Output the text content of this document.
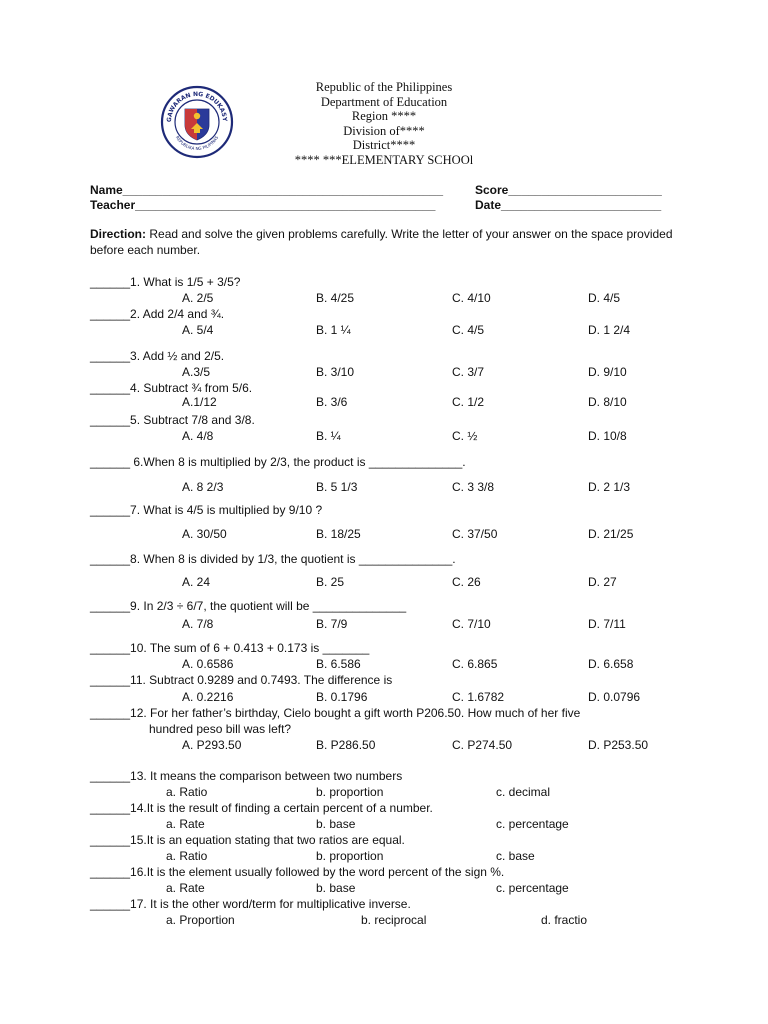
GAWARAN NG EDUKASY
REPUBLIKA NG PILIPINAS
Republic of the Philippines
Department of Education
Region ****
Division of****
District****
**** ***ELEMENTARY SCHOOl
Name________________________________________________	Score_______________________
Teacher_____________________________________________	Date________________________
Direction: Read and solve the given problems carefully. Write the letter of your answer on the space provided before each number.
______1. What is 1/5 + 3/5?
A. 2/5	B. 4/25	C. 4/10	D. 4/5
______2. Add 2/4 and ¾.
A. 5/4	B. 1 ¼	C. 4/5	D. 1 2/4
______3. Add ½ and 2/5.
A.3/5	B. 3/10	C. 3/7	D. 9/10
______4. Subtract ¾ from 5/6.
A.1/12	B. 3/6	C. 1/2	D. 8/10
______5. Subtract 7/8 and 3/8.
A. 4/8	B. ¼	C. ½	D. 10/8
______ 6.When 8 is multiplied by 2/3, the product is ______________.
A. 8 2/3	B. 5 1/3	C. 3 3/8	D. 2 1/3
______7. What is 4/5 is multiplied by 9/10 ?
A. 30/50	B. 18/25	C. 37/50	D. 21/25
______8. When 8 is divided by 1/3, the quotient is ______________.
A. 24	B. 25	C. 26	D. 27
______9. In 2/3 ÷ 6/7, the quotient will be ______________
A. 7/8	B. 7/9	C. 7/10	D. 7/11
______10. The sum of 6 + 0.413 + 0.173 is _______
A. 0.6586	B. 6.586	C. 6.865	D. 6.658
______11. Subtract 0.9289 and 0.7493. The difference is
A. 0.2216	B. 0.1796	C. 1.6782	D. 0.0796
______12. For her father’s birthday, Cielo bought a gift worth P206.50. How much of her five
hundred peso bill was left?
A. P293.50	B. P286.50	C. P274.50	D. P253.50
______13. It means the comparison between two numbers
a. Ratio	b. proportion	c. decimal
______14.It is the result of finding a certain percent of a number.
a. Rate	b. base	c. percentage
______15.It is an equation stating that two ratios are equal.
a. Ratio	b. proportion	c. base
______16.It is the element usually followed by the word percent of the sign %.
a. Rate	b. base	c. percentage
______17. It is the other word/term for multiplicative inverse.
a. Proportion	b. reciprocal	d. fractio
